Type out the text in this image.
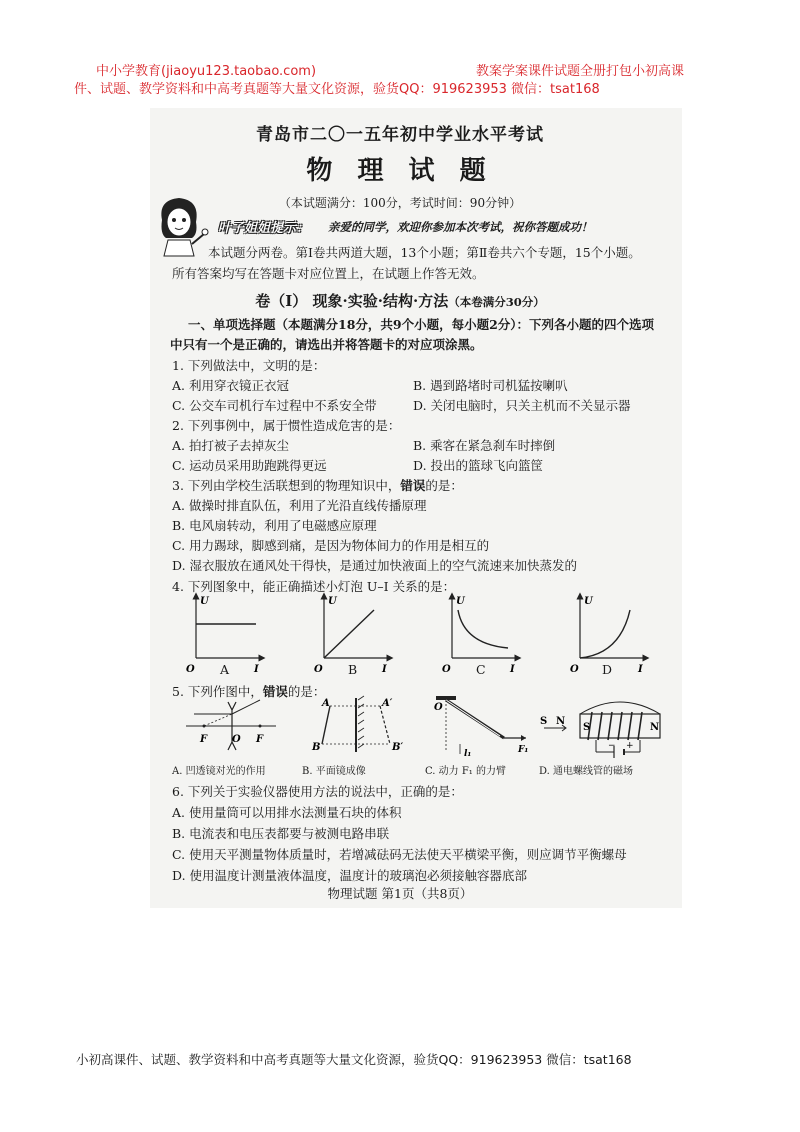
中小学教育(jiaoyu123.taobao.com)	教案学案课件试题全册打包小初高课
件、试题、教学资料和中高考真题等大量文化资源，验货QQ：919623953 微信：tsat168
青岛市二〇一五年初中学业水平考试
物 理 试 题
（本试题满分：100分，考试时间：90分钟）
叶子姐姐提示： 亲爱的同学，欢迎你参加本次考试，祝你答题成功！
本试题分两卷。第Ⅰ卷共两道大题，13个小题；第Ⅱ卷共六个专题，15个小题。
所有答案均写在答题卡对应位置上，在试题上作答无效。
卷（Ⅰ） 现象·实验·结构·方法（本卷满分30分）
一、单项选择题（本题满分18分，共9个小题，每小题2分）：下列各小题的四个选项
中只有一个是正确的，请选出并将答题卡的对应项涂黑。
1. 下列做法中，文明的是：
A. 利用穿衣镜正衣冠	B. 遇到路堵时司机猛按喇叭
C. 公交车司机行车过程中不系安全带	D. 关闭电脑时，只关主机而不关显示器
2. 下列事例中，属于惯性造成危害的是：
A. 拍打被子去掉灰尘	B. 乘客在紧急刹车时摔倒
C. 运动员采用助跑跳得更远	D. 投出的篮球飞向篮筐
3. 下列由学校生活联想到的物理知识中，错误的是：
A. 做操时排直队伍，利用了光沿直线传播原理
B. 电风扇转动，利用了电磁感应原理
C. 用力踢球，脚感到痛，是因为物体间力的作用是相互的
D. 湿衣服放在通风处干得快，是通过加快液面上的空气流速来加快蒸发的
4. 下列图象中，能正确描述小灯泡 U–I 关系的是：
U
I
O
U
I
O
U
I
O
U
I
O
A	B	C	D
5. 下列作图中，错误的是：
F O F
A	A′
B	B′
O
l₁	F₁
S N
S	N
− +
A. 凹透镜对光的作用	B. 平面镜成像	C. 动力 F₁ 的力臂	D. 通电螺线管的磁场
6. 下列关于实验仪器使用方法的说法中，正确的是：
A. 使用量筒可以用排水法测量石块的体积
B. 电流表和电压表都要与被测电路串联
C. 使用天平测量物体质量时，若增减砝码无法使天平横梁平衡，则应调节平衡螺母
D. 使用温度计测量液体温度，温度计的玻璃泡必须接触容器底部
物理试题 第1页（共8页）
小初高课件、试题、教学资料和中高考真题等大量文化资源，验货QQ：919623953 微信：tsat168
